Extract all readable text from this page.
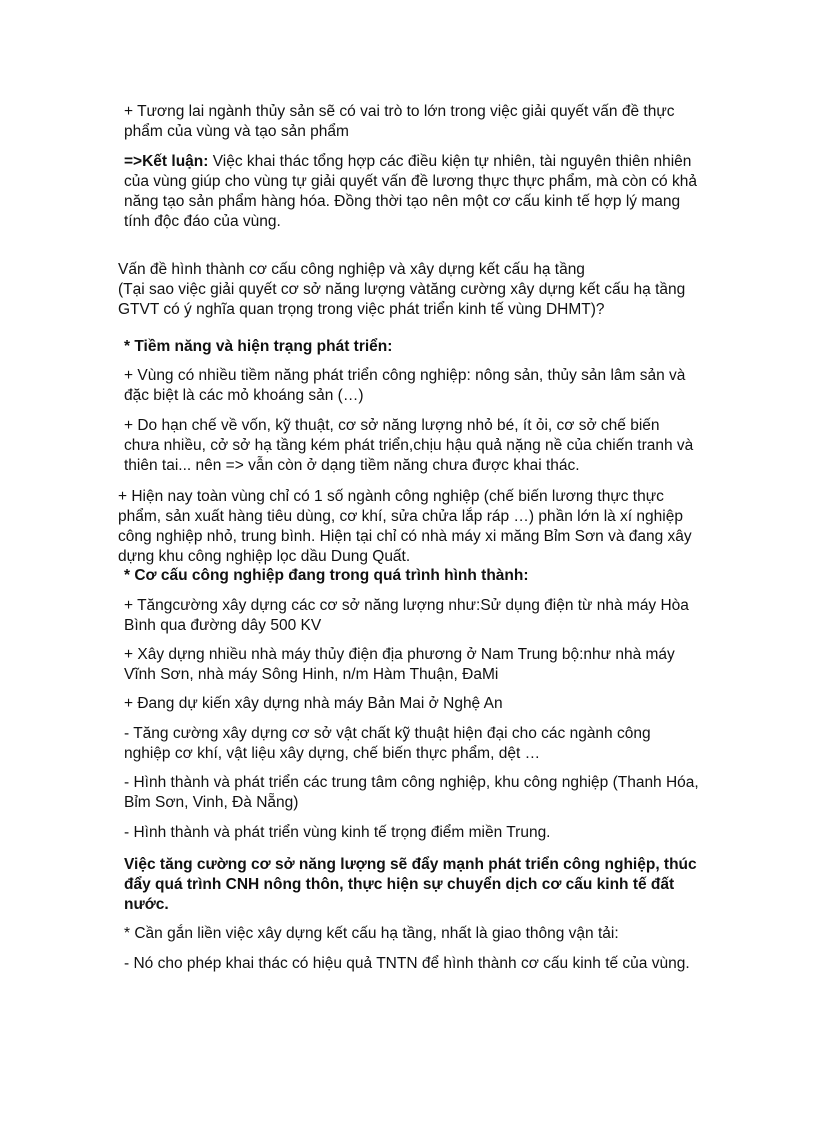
+ Tương lai ngành thủy sản sẽ có vai trò to lớn trong việc giải quyết vấn đề thực phẩm của vùng và tạo sản phẩm

=>Kết luận: Việc khai thác tổng hợp các điều kiện tự nhiên, tài nguyên thiên nhiên của vùng giúp cho vùng tự giải quyết vấn đề lương thực thực phẩm, mà còn có khả năng tạo sản phẩm hàng hóa. Đồng thời tạo nên một cơ cấu kinh tế hợp lý mang tính độc đáo của vùng.

Vấn đề hình thành cơ cấu công nghiệp và xây dựng kết cấu hạ tầng

(Tại sao việc giải quyết cơ sở năng lượng vàtăng cường xây dựng kết cấu hạ tầng GTVT có ý nghĩa quan trọng trong việc phát triển kinh tế vùng DHMT)?

* Tiềm năng và hiện trạng phát triển:

+ Vùng có nhiều tiềm năng phát triển công nghiệp: nông sản, thủy sản lâm sản và đặc biệt là các mỏ khoáng sản (…)

+ Do hạn chế về vốn, kỹ thuật, cơ sở năng lượng nhỏ bé, ít ỏi, cơ sở chế biến chưa nhiều, cở sở hạ tầng kém phát triển,chịu hậu quả nặng nề của chiến tranh và thiên tai... nên => vẫn còn ở dạng tiềm năng chưa được khai thác.

+ Hiện nay toàn vùng chỉ có 1 số ngành công nghiệp (chế biến lương thực thực phẩm, sản xuất hàng tiêu dùng, cơ khí, sửa chửa lắp ráp …) phần lớn là xí nghiệp công nghiệp nhỏ, trung bình. Hiện tại chỉ có nhà máy xi măng Bỉm Sơn và đang xây dựng khu công nghiệp lọc dầu Dung Quất.

* Cơ cấu công nghiệp đang trong quá trình hình thành:

+ Tăngcường xây dựng các cơ sở năng lượng như:Sử dụng điện từ nhà máy Hòa Bình qua đường dây 500 KV

+ Xây dựng nhiều nhà máy thủy điện địa phương ở Nam Trung bộ:như nhà máy Vĩnh Sơn, nhà máy Sông Hinh, n/m Hàm Thuận, ĐaMi

+ Đang dự kiến xây dựng nhà máy Bản Mai ở Nghệ An

- Tăng cường xây dựng cơ sở vật chất kỹ thuật hiện đại cho các ngành công nghiệp cơ khí, vật liệu xây dựng, chế biến thực phẩm, dệt …

- Hình thành và phát triển các trung tâm công nghiệp, khu công nghiệp (Thanh Hóa, Bỉm Sơn, Vinh, Đà Nẵng)

- Hình thành và phát triển vùng kinh tế trọng điểm miền Trung.

Việc tăng cường cơ sở năng lượng sẽ đẩy mạnh phát triển công nghiệp, thúc đẩy quá trình CNH nông thôn, thực hiện sự chuyển dịch cơ cấu kinh tế đất nước.

* Cần gắn liền việc xây dựng kết cấu hạ tầng, nhất là giao thông vận tải:

- Nó cho phép khai thác có hiệu quả TNTN để hình thành cơ cấu kinh tế của vùng.
